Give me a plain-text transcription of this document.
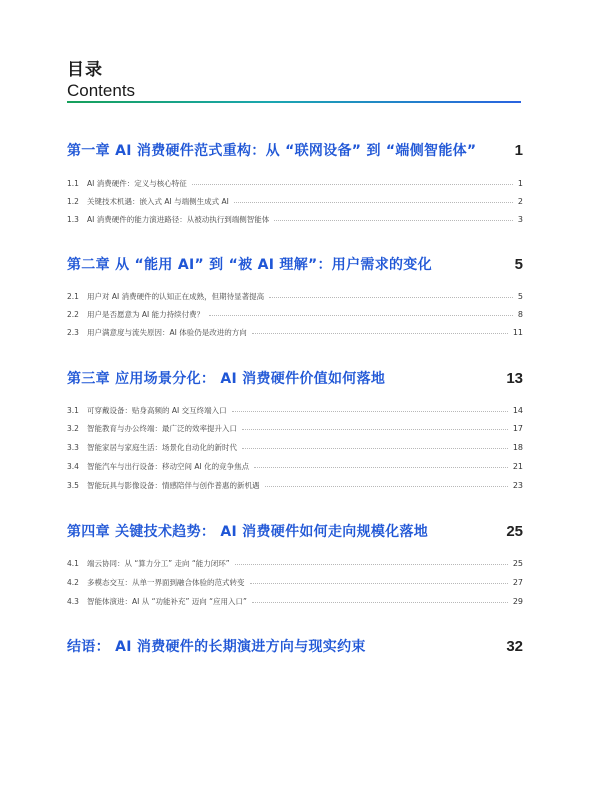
目录
Contents
第一章 AI 消费硬件范式重构：从 “联网设备” 到 “端侧智能体”	1
1.1	AI 消费硬件：定义与核心特征	1
1.2	关键技术机遇：嵌入式 AI 与端侧生成式 AI	2
1.3	AI 消费硬件的能力演进路径：从被动执行到端侧智能体	3
第二章 从 “能用 AI” 到 “被 AI 理解”：用户需求的变化	5
2.1	用户对 AI 消费硬件的认知正在成熟，但期待显著提高	5
2.2	用户是否愿意为 AI 能力持续付费？	8
2.3	用户满意度与流失原因：AI 体验仍是改进的方向	11
第三章 应用场景分化： AI 消费硬件价值如何落地	13
3.1	可穿戴设备：贴身高频的 AI 交互终端入口	14
3.2	智能教育与办公终端：最广泛的效率提升入口	17
3.3	智能家居与家庭生活：场景化自动化的新时代	18
3.4	智能汽车与出行设备：移动空间 AI 化的竞争焦点	21
3.5	智能玩具与影像设备：情感陪伴与创作普惠的新机遇	23
第四章 关键技术趋势： AI 消费硬件如何走向规模化落地	25
4.1	端云协同：从 “算力分工” 走向 “能力闭环”	25
4.2	多模态交互：从单一界面到融合体验的范式转变	27
4.3	智能体演进：AI 从 “功能补充” 迈向 “应用入口”	29
结语： AI 消费硬件的长期演进方向与现实约束	32
